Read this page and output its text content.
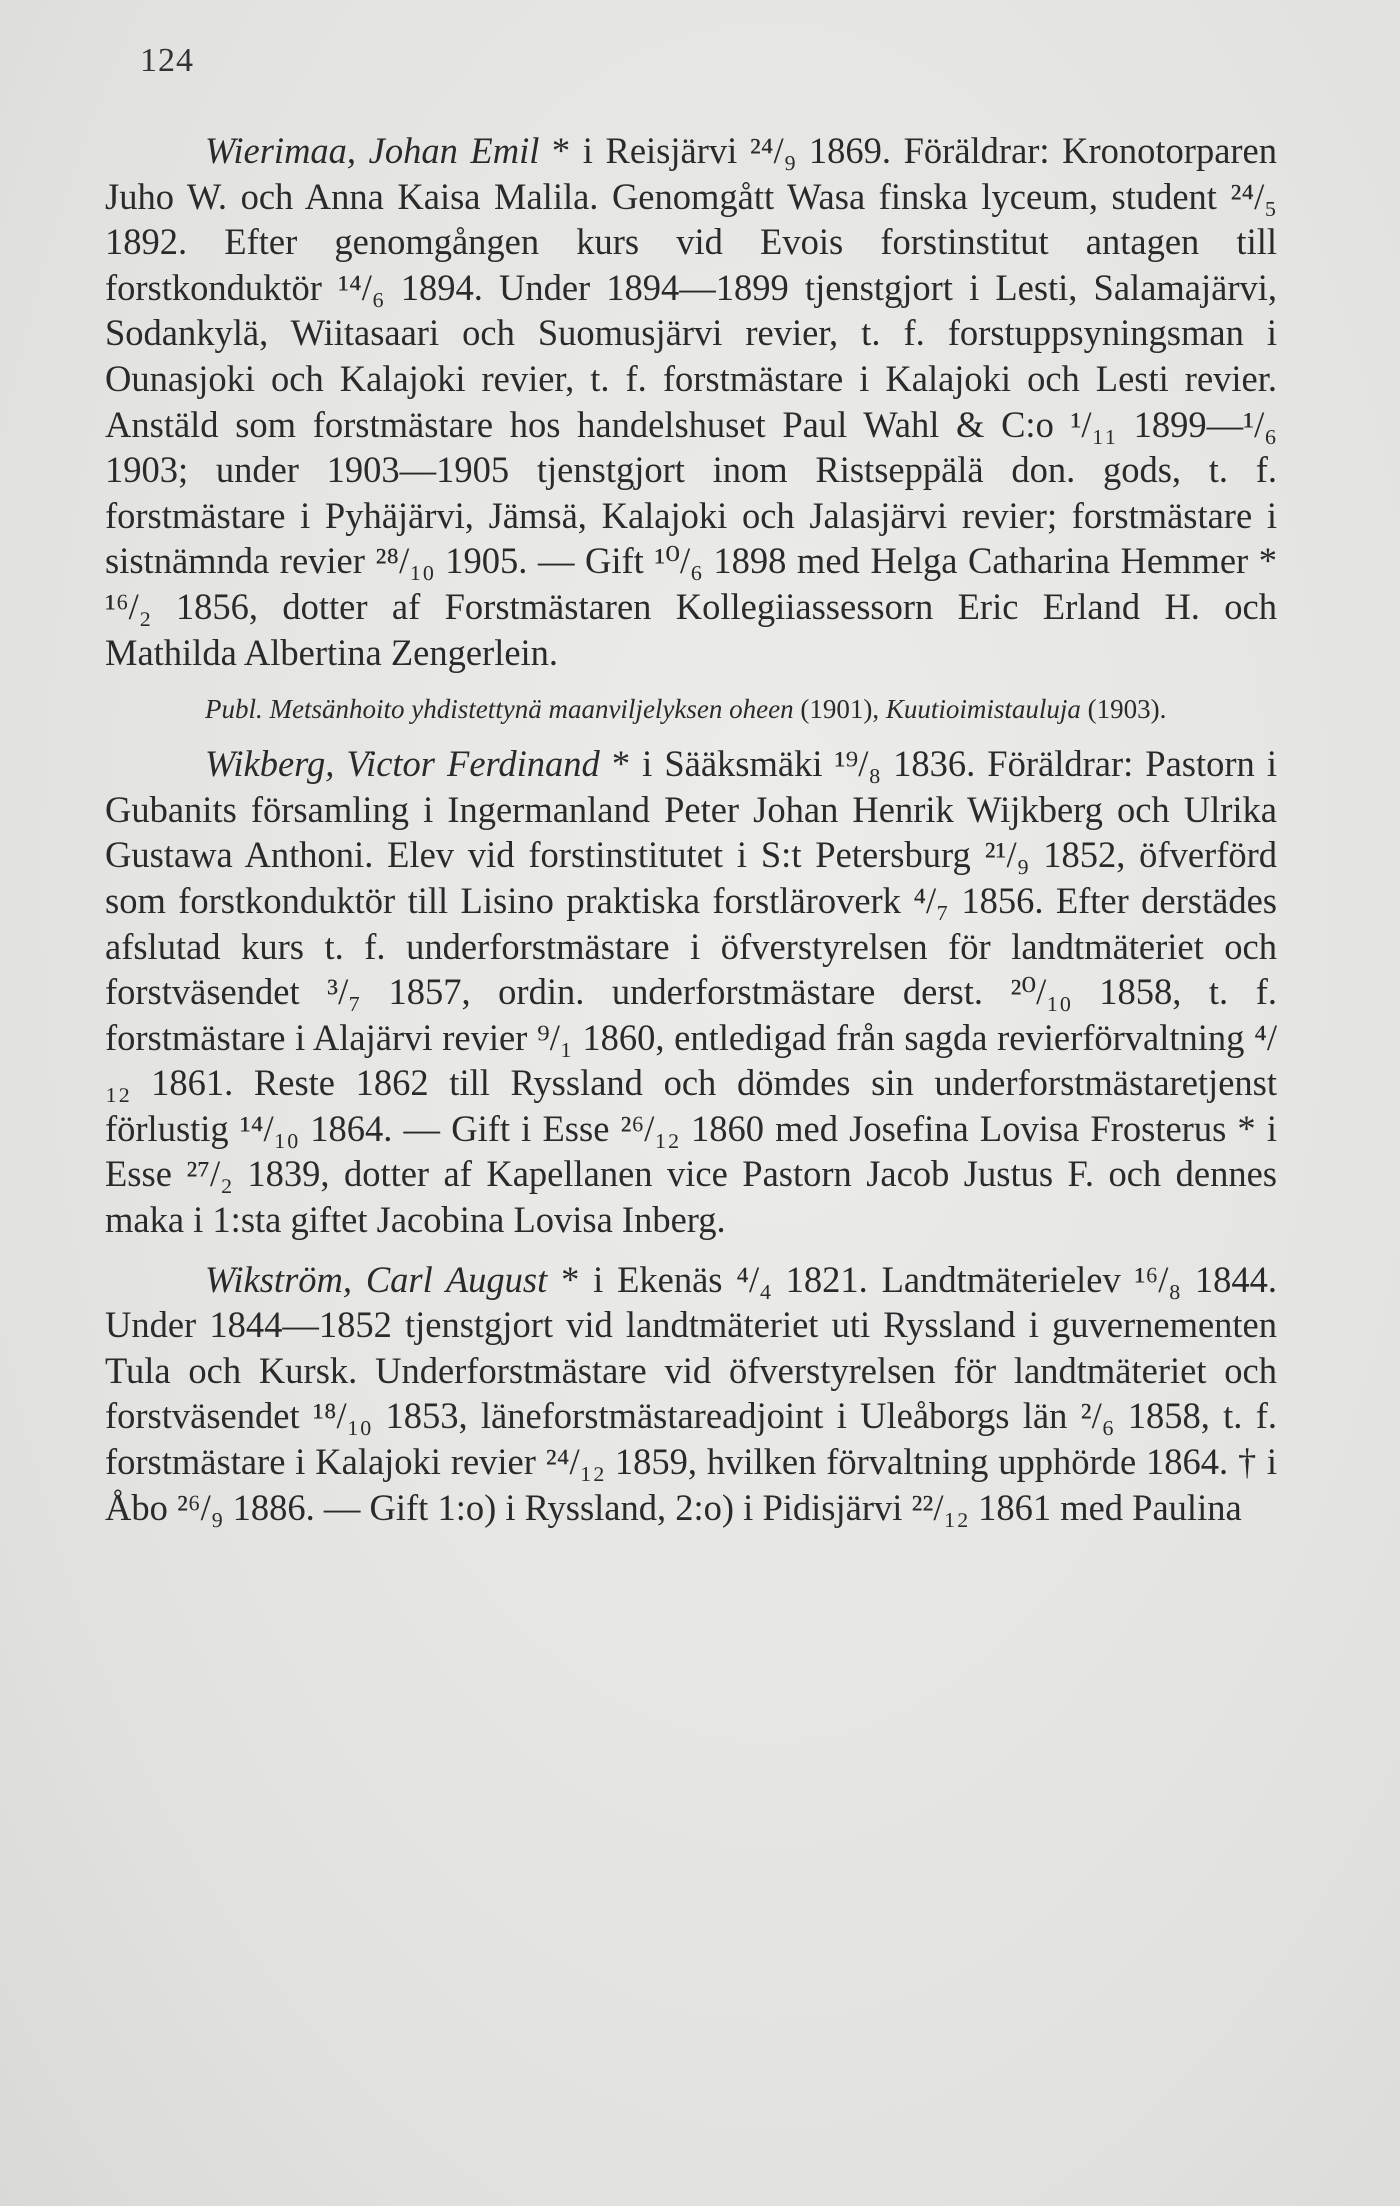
124

Wierimaa, Johan Emil * i Reisjärvi ²⁴/₉ 1869. Föräldrar: Kronotorparen Juho W. och Anna Kaisa Malila. Genomgått Wasa finska lyceum, student ²⁴/₅ 1892. Efter genomgången kurs vid Evois forstinstitut antagen till forstkonduktör ¹⁴/₆ 1894. Under 1894—1899 tjenstgjort i Lesti, Salamajärvi, Sodankylä, Wiitasaari och Suomusjärvi revier, t. f. forstuppsyningsman i Ounasjoki och Kalajoki revier, t. f. forstmästare i Kalajoki och Lesti revier. Anstäld som forstmästare hos handelshuset Paul Wahl & C:o ¹/₁₁ 1899—¹/₆ 1903; under 1903—1905 tjenstgjort inom Ristseppälä don. gods, t. f. forstmästare i Pyhäjärvi, Jämsä, Kalajoki och Jalasjärvi revier; forstmästare i sistnämnda revier ²⁸/₁₀ 1905. — Gift ¹⁰/₆ 1898 med Helga Catharina Hemmer * ¹⁶/₂ 1856, dotter af Forstmästaren Kollegiiassessorn Eric Erland H. och Mathilda Albertina Zengerlein.

Publ. Metsänhoito yhdistettynä maanviljelyksen oheen (1901), Kuutioimistauluja (1903).

Wikberg, Victor Ferdinand * i Sääksmäki ¹⁹/₈ 1836. Föräldrar: Pastorn i Gubanits församling i Ingermanland Peter Johan Henrik Wijkberg och Ulrika Gustawa Anthoni. Elev vid forstinstitutet i S:t Petersburg ²¹/₉ 1852, öfverförd som forstkonduktör till Lisino praktiska forstläroverk ⁴/₇ 1856. Efter derstädes afslutad kurs t. f. underforstmästare i öfverstyrelsen för landtmäteriet och forstväsendet ³/₇ 1857, ordin. underforstmästare derst. ²⁰/₁₀ 1858, t. f. forstmästare i Alajärvi revier ⁹/₁ 1860, entledigad från sagda revierförvaltning ⁴/₁₂ 1861. Reste 1862 till Ryssland och dömdes sin underforstmästaretjenst förlustig ¹⁴/₁₀ 1864. — Gift i Esse ²⁶/₁₂ 1860 med Josefina Lovisa Frosterus * i Esse ²⁷/₂ 1839, dotter af Kapellanen vice Pastorn Jacob Justus F. och dennes maka i 1:sta giftet Jacobina Lovisa Inberg.

Wikström, Carl August * i Ekenäs ⁴/₄ 1821. Landtmäterielev ¹⁶/₈ 1844. Under 1844—1852 tjenstgjort vid landtmäteriet uti Ryssland i guvernementen Tula och Kursk. Underforstmästare vid öfverstyrelsen för landtmäteriet och forstväsendet ¹⁸/₁₀ 1853, läneforstmästareadjoint i Uleåborgs län ²/₆ 1858, t. f. forstmästare i Kalajoki revier ²⁴/₁₂ 1859, hvilken förvaltning upphörde 1864. † i Åbo ²⁶/₉ 1886. — Gift 1:o) i Ryssland, 2:o) i Pidisjärvi ²²/₁₂ 1861 med Paulina
